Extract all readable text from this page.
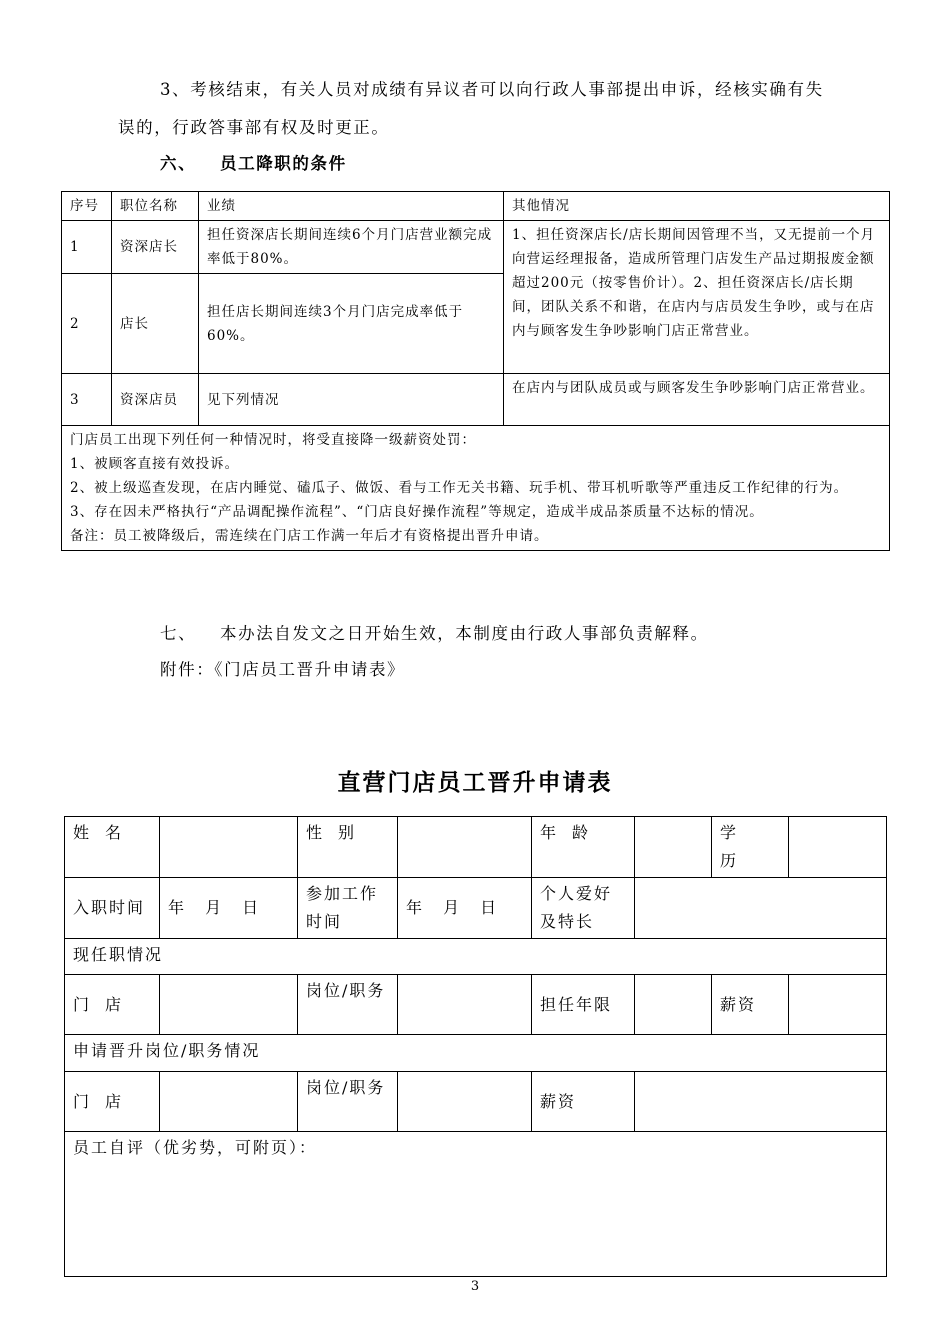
3、考核结束，有关人员对成绩有异议者可以向行政人事部提出申诉，经核实确有失
误的，行政答事部有权及时更正。
六、 员工降职的条件
序号	职位名称	业绩	其他情况
1	资深店长	担任资深店长期间连续6个月门店营业额完成率低于80%。	1、担任资深店长/店长期间因管理不当，又无提前一个月向营运经理报备，造成所管理门店发生产品过期报废金额超过200元（按零售价计）。2、担任资深店长/店长期间，团队关系不和谐，在店内与店员发生争吵，或与在店内与顾客发生争吵影响门店正常营业。
2	店长	担任店长期间连续3个月门店完成率低于60%。	
3	资深店员	见下列情况	在店内与团队成员或与顾客发生争吵影响门店正常营业。

门店员工出现下列任何一种情况时，将受直接降一级薪资处罚：
1、被顾客直接有效投诉。
2、被上级巡查发现，在店内睡觉、磕瓜子、做饭、看与工作无关书籍、玩手机、带耳机听歌等严重违反工作纪律的行为。
3、存在因未严格执行“产品调配操作流程”、“门店良好操作流程”等规定，造成半成品茶质量不达标的情况。
备注：员工被降级后，需连续在门店工作满一年后才有资格提出晋升申请。			
七、 本办法自发文之日开始生效，本制度由行政人事部负责解释。
附件：《门店员工晋升申请表》
直营门店员工晋升申请表
姓名		性别		年龄		学历	
入职时间	年 月 日	参加工作时间	年 月 日	个人爱好及特长			
现任职情况							
门店		岗位/职务		担任年限		薪资	
申请晋升岗位/职务情况							
门店		岗位/职务		薪资			

员工自评（优劣势，可附页）：							
3
